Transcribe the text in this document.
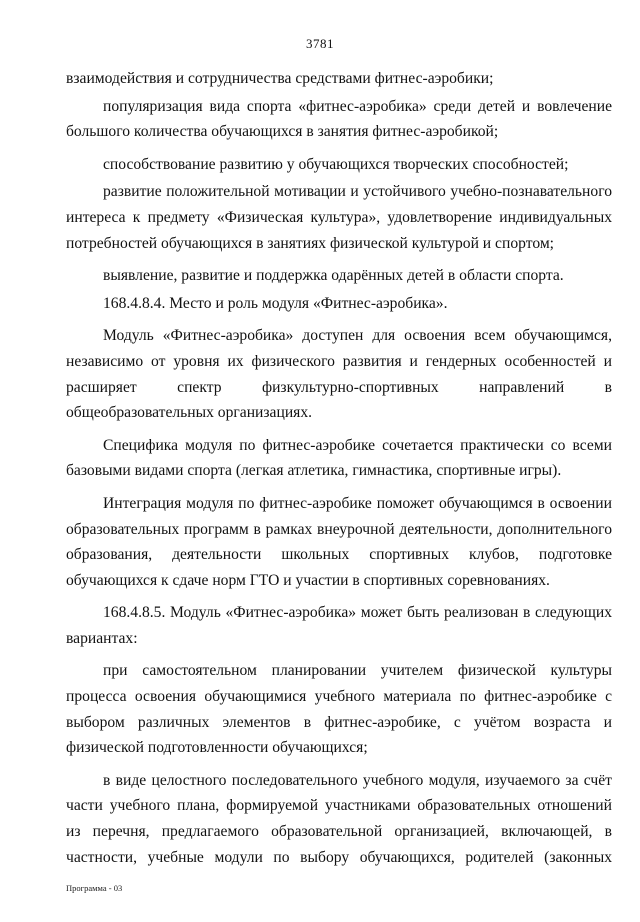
3781

взаимодействия и сотрудничества средствами фитнес-аэробики;

популяризация вида спорта «фитнес-аэробика» среди детей и вовлечение большого количества обучающихся в занятия фитнес-аэробикой;

способствование развитию у обучающихся творческих способностей;

развитие положительной мотивации и устойчивого учебно-познавательного интереса к предмету «Физическая культура», удовлетворение индивидуальных потребностей обучающихся в занятиях физической культурой и спортом;

выявление, развитие и поддержка одарённых детей в области спорта.

168.4.8.4. Место и роль модуля «Фитнес-аэробика».

Модуль «Фитнес-аэробика» доступен для освоения всем обучающимся, независимо от уровня их физического развития и гендерных особенностей и расширяет спектр физкультурно-спортивных направлений в общеобразовательных организациях.

Специфика модуля по фитнес-аэробике сочетается практически со всеми базовыми видами спорта (легкая атлетика, гимнастика, спортивные игры).

Интеграция модуля по фитнес-аэробике поможет обучающимся в освоении образовательных программ в рамках внеурочной деятельности, дополнительного образования, деятельности школьных спортивных клубов, подготовке обучающихся к сдаче норм ГТО и участии в спортивных соревнованиях.

168.4.8.5. Модуль «Фитнес-аэробика» может быть реализован в следующих вариантах:

при самостоятельном планировании учителем физической культуры процесса освоения обучающимися учебного материала по фитнес-аэробике с выбором различных элементов в фитнес-аэробике, с учётом возраста и физической подготовленности обучающихся;

в виде целостного последовательного учебного модуля, изучаемого за счёт части учебного плана, формируемой участниками образовательных отношений из перечня, предлагаемого образовательной организацией, включающей, в частности, учебные модули по выбору обучающихся, родителей (законных

Программа - 03
